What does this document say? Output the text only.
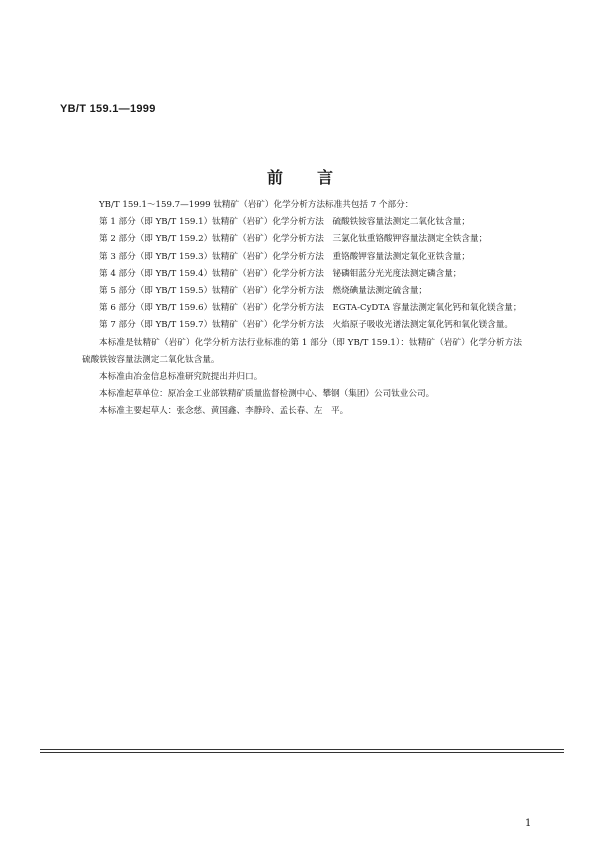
YB/T 159.1—1999
前言

YB/T 159.1～159.7—1999 钛精矿（岩矿）化学分析方法标准共包括 7 个部分：

第 1 部分（即 YB/T 159.1）钛精矿（岩矿）化学分析方法　硫酸铁铵容量法测定二氧化钛含量；

第 2 部分（即 YB/T 159.2）钛精矿（岩矿）化学分析方法　三氯化钛重铬酸钾容量法测定全铁含量；

第 3 部分（即 YB/T 159.3）钛精矿（岩矿）化学分析方法　重铬酸钾容量法测定氧化亚铁含量；

第 4 部分（即 YB/T 159.4）钛精矿（岩矿）化学分析方法　铋磷钼蓝分光光度法测定磷含量；

第 5 部分（即 YB/T 159.5）钛精矿（岩矿）化学分析方法　燃烧碘量法测定硫含量；

第 6 部分（即 YB/T 159.6）钛精矿（岩矿）化学分析方法　EGTA-CyDTA 容量法测定氧化钙和氧化镁含量；

第 7 部分（即 YB/T 159.7）钛精矿（岩矿）化学分析方法　火焰原子吸收光谱法测定氧化钙和氧化镁含量。

本标准是钛精矿（岩矿）化学分析方法行业标准的第 1 部分（即 YB/T 159.1）：钛精矿（岩矿）化学分析方法　硫酸铁铵容量法测定二氧化钛含量。

本标准由冶金信息标准研究院提出并归口。

本标准起草单位：原冶金工业部铁精矿质量监督检测中心、攀钢（集团）公司钛业公司。

本标准主要起草人：张念慈、黄国鑫、李静玲、孟长春、左　平。

1
